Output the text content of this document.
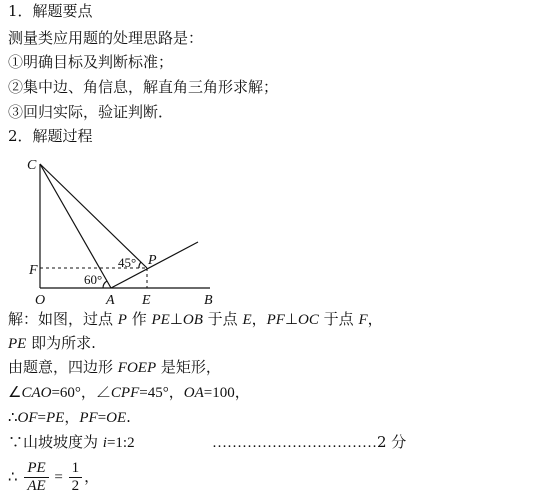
1．解题要点
测量类应用题的处理思路是：
①明确目标及判断标准；
②集中边、角信息，解直角三角形求解；
③回归实际，验证判断．
2．解题过程
C
F
O	A E	B
P
45°
60°
解：如图，过点 P 作 PE⊥OB 于点 E，PF⊥OC 于点 F，
PE 即为所求.
由题意，四边形 FOEP 是矩形，
∠CAO=60°，∠CPF=45°，OA=100，
∴OF=PE，PF=OE.
∵山坡坡度为 i=1:2	……………………………2 分
∴ $\frac{PE}{AE} = \frac{1}{2}$ ，
